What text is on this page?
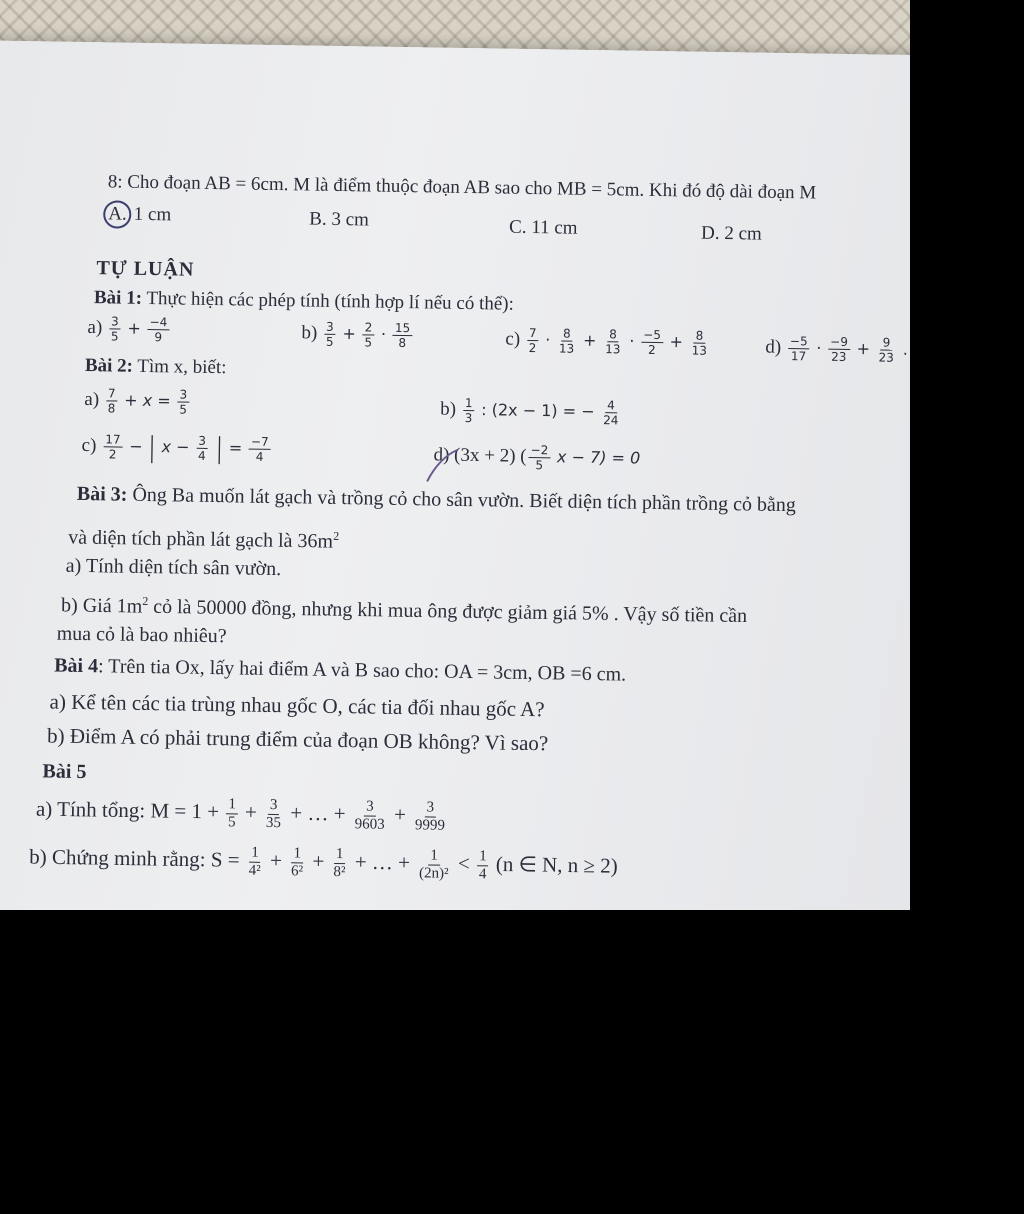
8: Cho đoạn AB = 6cm. M là điểm thuộc đoạn AB sao cho MB = 5cm. Khi đó độ dài đoạn M
A. 1 cm	B. 3 cm	C. 11 cm	D. 2 cm
TỰ LUẬN
Bài 1: Thực hiện các phép tính (tính hợp lí nếu có thể):
$a) \frac{3}{5} + \frac{-4}{9}$	$b) \frac{3}{5} + \frac{2}{5} \cdot \frac{15}{8}$	$c) \frac{7}{2} \cdot \frac{8}{13} + \frac{8}{13} \cdot \frac{-5}{2} + \frac{8}{13}$	$d) \frac{-5}{17} \cdot \frac{-9}{23} + \frac{9}{23}$ .
Bài 2: Tìm x, biết:
$a) \frac{7}{8} + x = \frac{3}{5}$	$b) \frac{1}{3}$ : (2x − 1) = − $\frac{4}{24}$
$c) \frac{17}{2}$ − | $x - \frac{3}{4}$ | = $\frac{-7}{4}$	d) (3x + 2) ( $\frac{-2}{5}$ x − 7) = 0
Bài 3: Ông Ba muốn lát gạch và trồng cỏ cho sân vườn. Biết diện tích phần trồng cỏ bằng
và diện tích phần lát gạch là $36m^2$
a) Tính diện tích sân vườn.
b) Giá $1m^2$ cỏ là 50000 đồng, nhưng khi mua ông được giảm giá 5% . Vậy số tiền cần
mua cỏ là bao nhiêu?
Bài 4: Trên tia Ox, lấy hai điểm A và B sao cho: OA = 3cm, OB =6 cm.
a) Kể tên các tia trùng nhau gốc O, các tia đối nhau gốc A?
b) Điểm A có phải trung điểm của đoạn OB không? Vì sao?
Bài 5
a) Tính tổng: $M = 1 + \frac{1}{5} + \frac{3}{35}$ + … + $\frac{3}{9603} + \frac{3}{9999}$
b) Chứng minh rằng: $S = \frac{1}{\text{4²}} + \frac{1}{\text{6²}} + \frac{1}{\text{8²}}$ + … + $\frac{1}{\text{(2n)²}} < \frac{1}{4} (n$ ∈ N, n ≥ 2)
